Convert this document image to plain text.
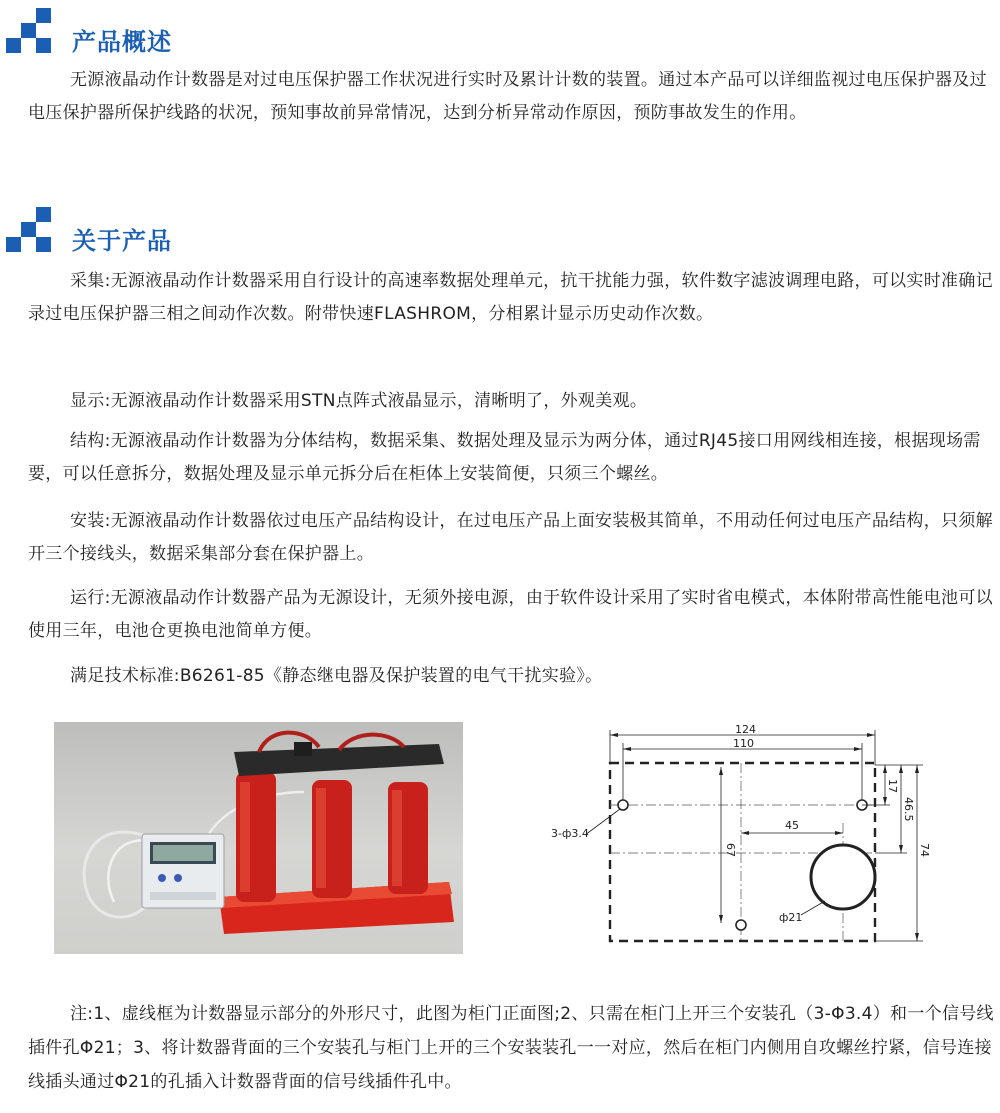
产品概述

无源液晶动作计数器是对过电压保护器工作状况进行实时及累计计数的装置。通过本产品可以详细监视过电压保护器及过电压保护器所保护线路的状况，预知事故前异常情况，达到分析异常动作原因，预防事故发生的作用。

关于产品

采集:无源液晶动作计数器采用自行设计的高速率数据处理单元，抗干扰能力强，软件数字滤波调理电路，可以实时准确记录过电压保护器三相之间动作次数。附带快速FLASHROM，分相累计显示历史动作次数。

显示:无源液晶动作计数器采用STN点阵式液晶显示，清晰明了，外观美观。

结构:无源液晶动作计数器为分体结构，数据采集、数据处理及显示为两分体，通过RJ45接口用网线相连接，根据现场需要，可以任意拆分，数据处理及显示单元拆分后在柜体上安装简便，只须三个螺丝。

安装:无源液晶动作计数器依过电压产品结构设计，在过电压产品上面安装极其简单，不用动任何过电压产品结构，只须解开三个接线头，数据采集部分套在保护器上。

运行:无源液晶动作计数器产品为无源设计，无须外接电源，由于软件设计采用了实时省电模式，本体附带高性能电池可以使用三年，电池仓更换电池简单方便。

满足技术标准:B6261-85《静态继电器及保护装置的电气干扰实验》。

124
110
67
45
17
46.5
74
3-ф3.4
ф21

注:1、虚线框为计数器显示部分的外形尺寸，此图为柜门正面图;2、只需在柜门上开三个安装孔（3-Φ3.4）和一个信号线插件孔Φ21；3、将计数器背面的三个安装孔与柜门上开的三个安装装孔一一对应，然后在柜门内侧用自攻螺丝拧紧，信号连接线插头通过Φ21的孔插入计数器背面的信号线插件孔中。
